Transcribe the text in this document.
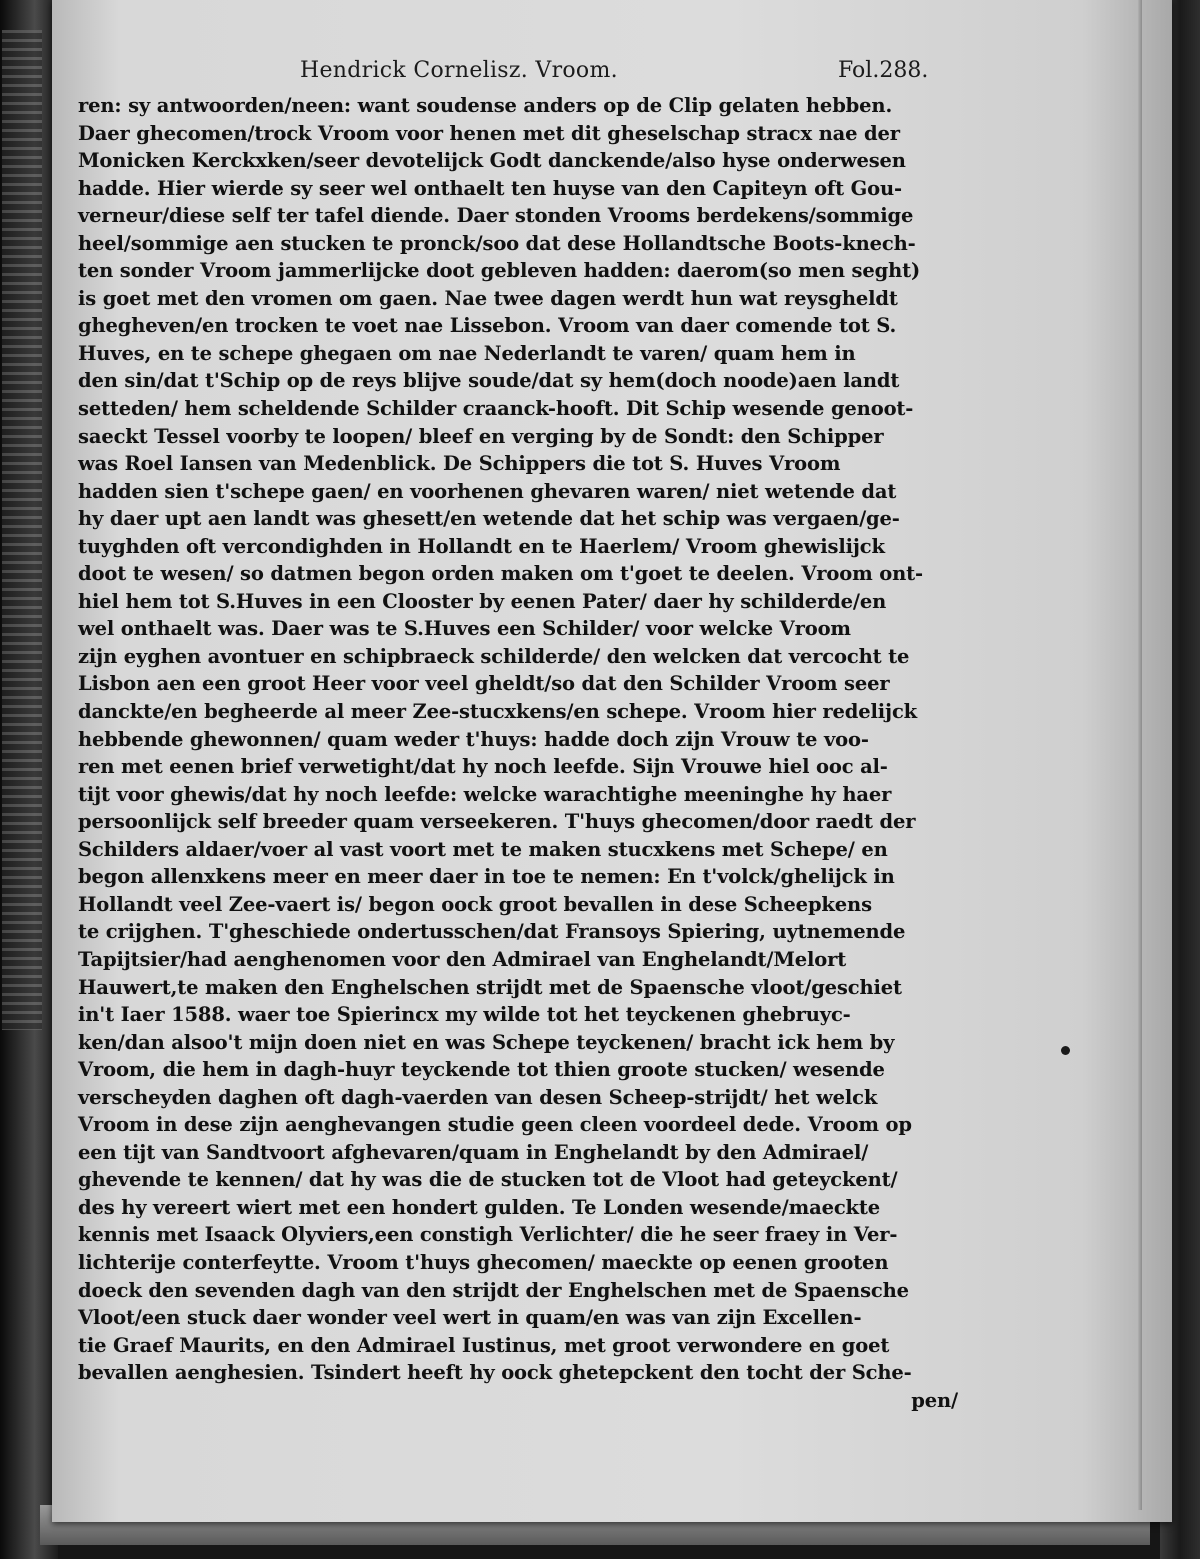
Hendrick Cornelisz. Vroom.	Fol.288.
ren: sy antwoorden/neen: want soudense anders op de Clip gelaten hebben.
Daer ghecomen/trock Vroom voor henen met dit gheselschap stracx nae der
Monicken Kerckxken/seer devotelijck Godt danckende/also hyse onderwesen
hadde. Hier wierde sy seer wel onthaelt ten huyse van den Capiteyn oft Gou-
verneur/diese self ter tafel diende. Daer stonden Vrooms berdekens/sommige
heel/sommige aen stucken te pronck/soo dat dese Hollandtsche Boots-knech-
ten sonder Vroom jammerlijcke doot gebleven hadden: daerom(so men seght)
is goet met den vromen om gaen. Nae twee dagen werdt hun wat reysgheldt
ghegheven/en trocken te voet nae Lissebon. Vroom van daer comende tot S.
Huves, en te schepe ghegaen om nae Nederlandt te varen/ quam hem in
den sin/dat t'Schip op de reys blijve soude/dat sy hem(doch noode)aen landt
setteden/ hem scheldende Schilder craanck-hooft. Dit Schip wesende genoot-
saeckt Tessel voorby te loopen/ bleef en verging by de Sondt: den Schipper
was Roel Iansen van Medenblick. De Schippers die tot S. Huves Vroom
hadden sien t'schepe gaen/ en voorhenen ghevaren waren/ niet wetende dat
hy daer upt aen landt was ghesett/en wetende dat het schip was vergaen/ge-
tuyghden oft vercondighden in Hollandt en te Haerlem/ Vroom ghewislijck
doot te wesen/ so datmen begon orden maken om t'goet te deelen. Vroom ont-
hiel hem tot S.Huves in een Clooster by eenen Pater/ daer hy schilderde/en
wel onthaelt was. Daer was te S.Huves een Schilder/ voor welcke Vroom
zijn eyghen avontuer en schipbraeck schilderde/ den welcken dat vercocht te
Lisbon aen een groot Heer voor veel gheldt/so dat den Schilder Vroom seer
danckte/en begheerde al meer Zee-stucxkens/en schepe. Vroom hier redelijck
hebbende ghewonnen/ quam weder t'huys: hadde doch zijn Vrouw te voo-
ren met eenen brief verwetight/dat hy noch leefde. Sijn Vrouwe hiel ooc al-
tijt voor ghewis/dat hy noch leefde: welcke warachtighe meeninghe hy haer
persoonlijck self breeder quam verseekeren. T'huys ghecomen/door raedt der
Schilders aldaer/voer al vast voort met te maken stucxkens met Schepe/ en
begon allenxkens meer en meer daer in toe te nemen: En t'volck/ghelijck in
Hollandt veel Zee-vaert is/ begon oock groot bevallen in dese Scheepkens
te crijghen. T'gheschiede ondertusschen/dat Fransoys Spiering, uytnemende
Tapijtsier/had aenghenomen voor den Admirael van Enghelandt/Melort
Hauwert,te maken den Enghelschen strijdt met de Spaensche vloot/geschiet
in't Iaer 1588. waer toe Spierincx my wilde tot het teyckenen ghebruyc-
ken/dan alsoo't mijn doen niet en was Schepe teyckenen/ bracht ick hem by
Vroom, die hem in dagh-huyr teyckende tot thien groote stucken/ wesende
verscheyden daghen oft dagh-vaerden van desen Scheep-strijdt/ het welck
Vroom in dese zijn aenghevangen studie geen cleen voordeel dede. Vroom op
een tijt van Sandtvoort afghevaren/quam in Enghelandt by den Admirael/
ghevende te kennen/ dat hy was die de stucken tot de Vloot had geteyckent/
des hy vereert wiert met een hondert gulden. Te Londen wesende/maeckte
kennis met Isaack Olyviers,een constigh Verlichter/ die he seer fraey in Ver-
lichterije conterfeytte. Vroom t'huys ghecomen/ maeckte op eenen grooten
doeck den sevenden dagh van den strijdt der Enghelschen met de Spaensche
Vloot/een stuck daer wonder veel wert in quam/en was van zijn Excellen-
tie Graef Maurits, en den Admirael Iustinus, met groot verwondere en goet
bevallen aenghesien. Tsindert heeft hy oock ghetepckent den tocht der Sche-
pen/
